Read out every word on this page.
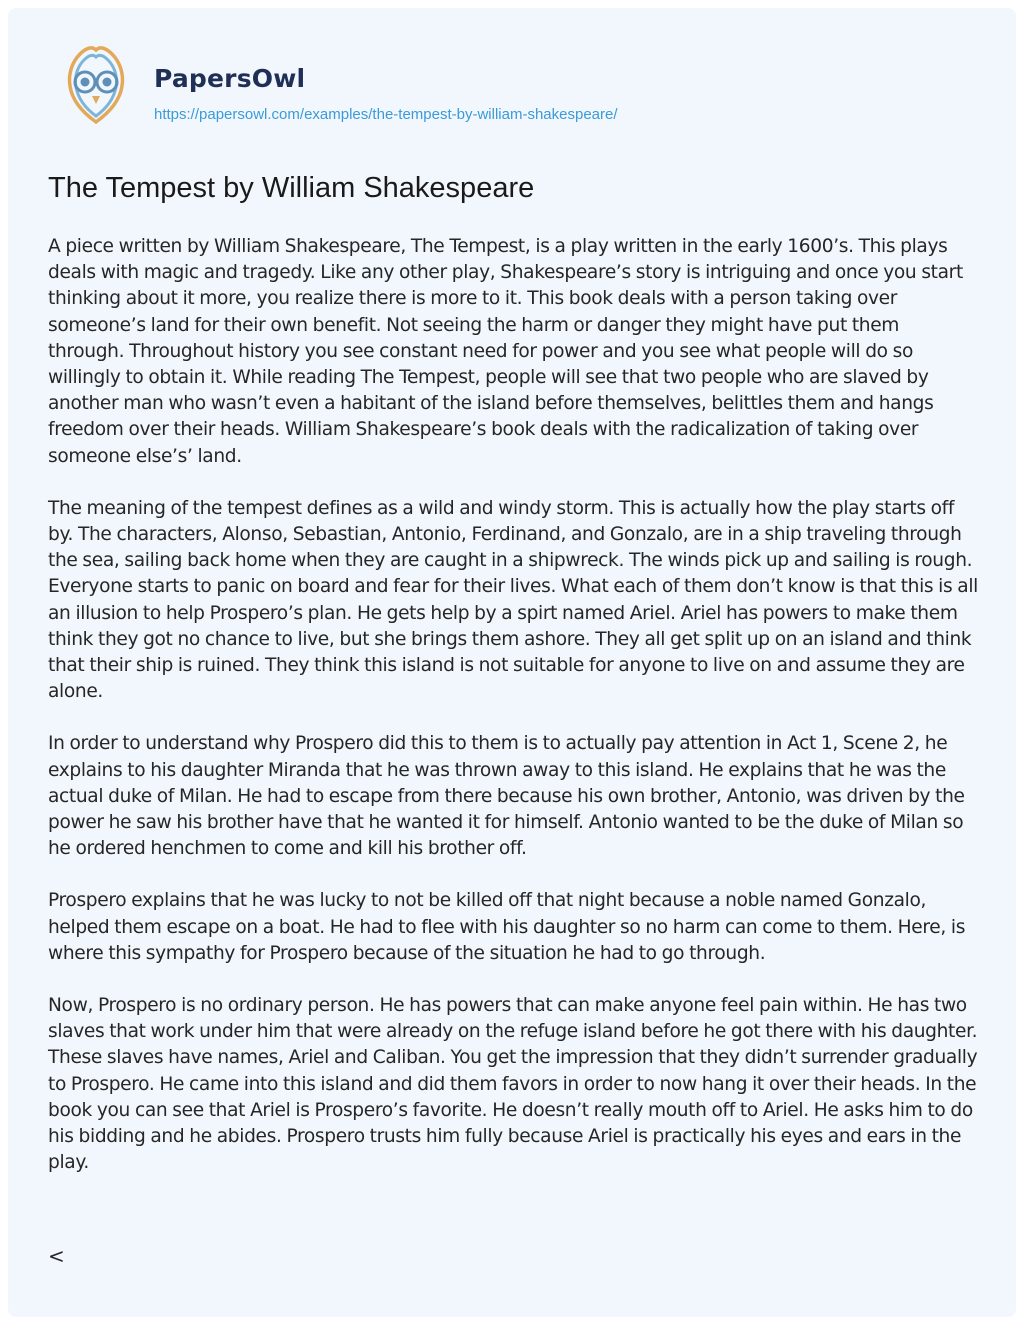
PapersOwl
https://papersowl.com/examples/the-tempest-by-william-shakespeare/
The Tempest by William Shakespeare

A piece written by William Shakespeare, The Tempest, is a play written in the early 1600’s. This plays deals with magic and tragedy. Like any other play, Shakespeare’s story is intriguing and once you start thinking about it more, you realize there is more to it. This book deals with a person taking over someone’s land for their own benefit. Not seeing the harm or danger they might have put them through. Throughout history you see constant need for power and you see what people will do so willingly to obtain it. While reading The Tempest, people will see that two people who are slaved by another man who wasn’t even a habitant of the island before themselves, belittles them and hangs freedom over their heads. William Shakespeare’s book deals with the radicalization of taking over someone else’s’ land.

The meaning of the tempest defines as a wild and windy storm. This is actually how the play starts off by. The characters, Alonso, Sebastian, Antonio, Ferdinand, and Gonzalo, are in a ship traveling through the sea, sailing back home when they are caught in a shipwreck. The winds pick up and sailing is rough. Everyone starts to panic on board and fear for their lives. What each of them don’t know is that this is all an illusion to help Prospero’s plan. He gets help by a spirt named Ariel. Ariel has powers to make them think they got no chance to live, but she brings them ashore. They all get split up on an island and think that their ship is ruined. They think this island is not suitable for anyone to live on and assume they are alone.

In order to understand why Prospero did this to them is to actually pay attention in Act 1, Scene 2, he explains to his daughter Miranda that he was thrown away to this island. He explains that he was the actual duke of Milan. He had to escape from there because his own brother, Antonio, was driven by the power he saw his brother have that he wanted it for himself. Antonio wanted to be the duke of Milan so he ordered henchmen to come and kill his brother off.

Prospero explains that he was lucky to not be killed off that night because a noble named Gonzalo, helped them escape on a boat. He had to flee with his daughter so no harm can come to them. Here, is where this sympathy for Prospero because of the situation he had to go through.

Now, Prospero is no ordinary person. He has powers that can make anyone feel pain within. He has two slaves that work under him that were already on the refuge island before he got there with his daughter. These slaves have names, Ariel and Caliban. You get the impression that they didn’t surrender gradually to Prospero. He came into this island and did them favors in order to now hang it over their heads. In the book you can see that Ariel is Prospero’s favorite. He doesn’t really mouth off to Ariel. He asks him to do his bidding and he abides. Prospero trusts him fully because Ariel is practically his eyes and ears in the play.

<
